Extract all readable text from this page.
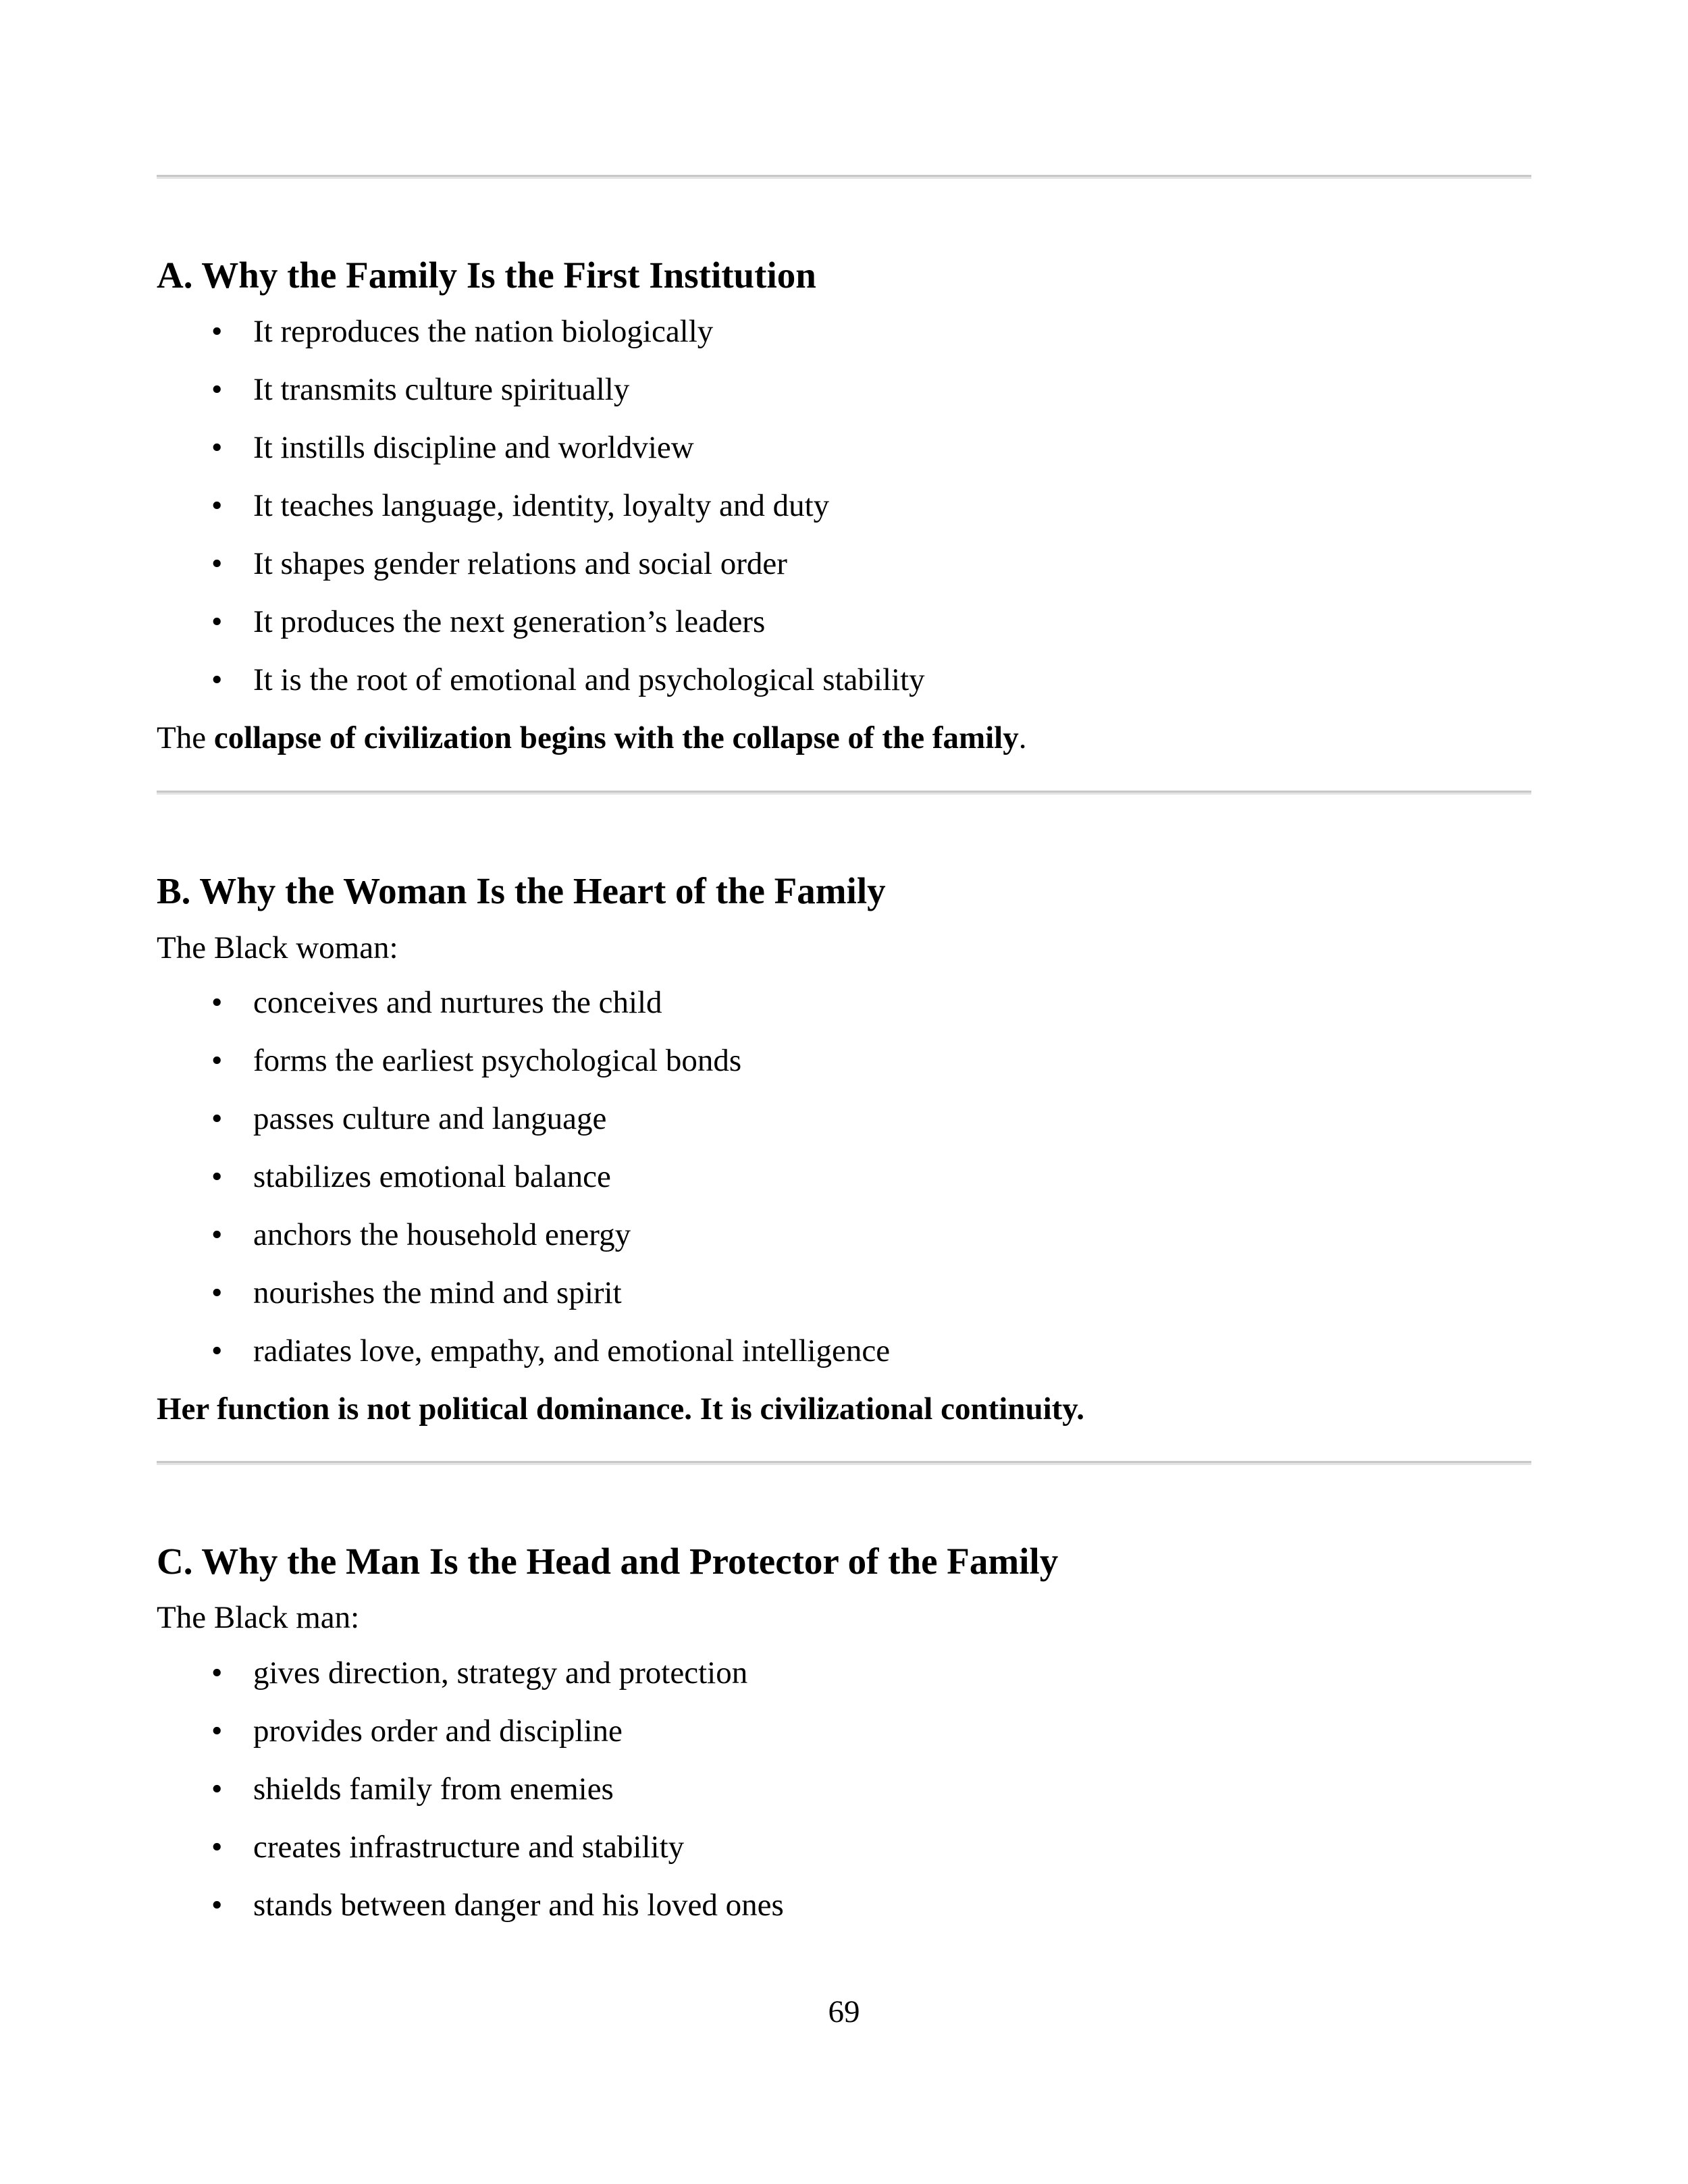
A. Why the Family Is the First Institution
• It reproduces the nation biologically
• It transmits culture spiritually
• It instills discipline and worldview
• It teaches language, identity, loyalty and duty
• It shapes gender relations and social order
• It produces the next generation’s leaders
• It is the root of emotional and psychological stability

The collapse of civilization begins with the collapse of the family.

B. Why the Woman Is the Heart of the Family

The Black woman:

• conceives and nurtures the child
• forms the earliest psychological bonds
• passes culture and language
• stabilizes emotional balance
• anchors the household energy
• nourishes the mind and spirit
• radiates love, empathy, and emotional intelligence

Her function is not political dominance. It is civilizational continuity.

C. Why the Man Is the Head and Protector of the Family

The Black man:

• gives direction, strategy and protection
• provides order and discipline
• shields family from enemies
• creates infrastructure and stability
• stands between danger and his loved ones
69
